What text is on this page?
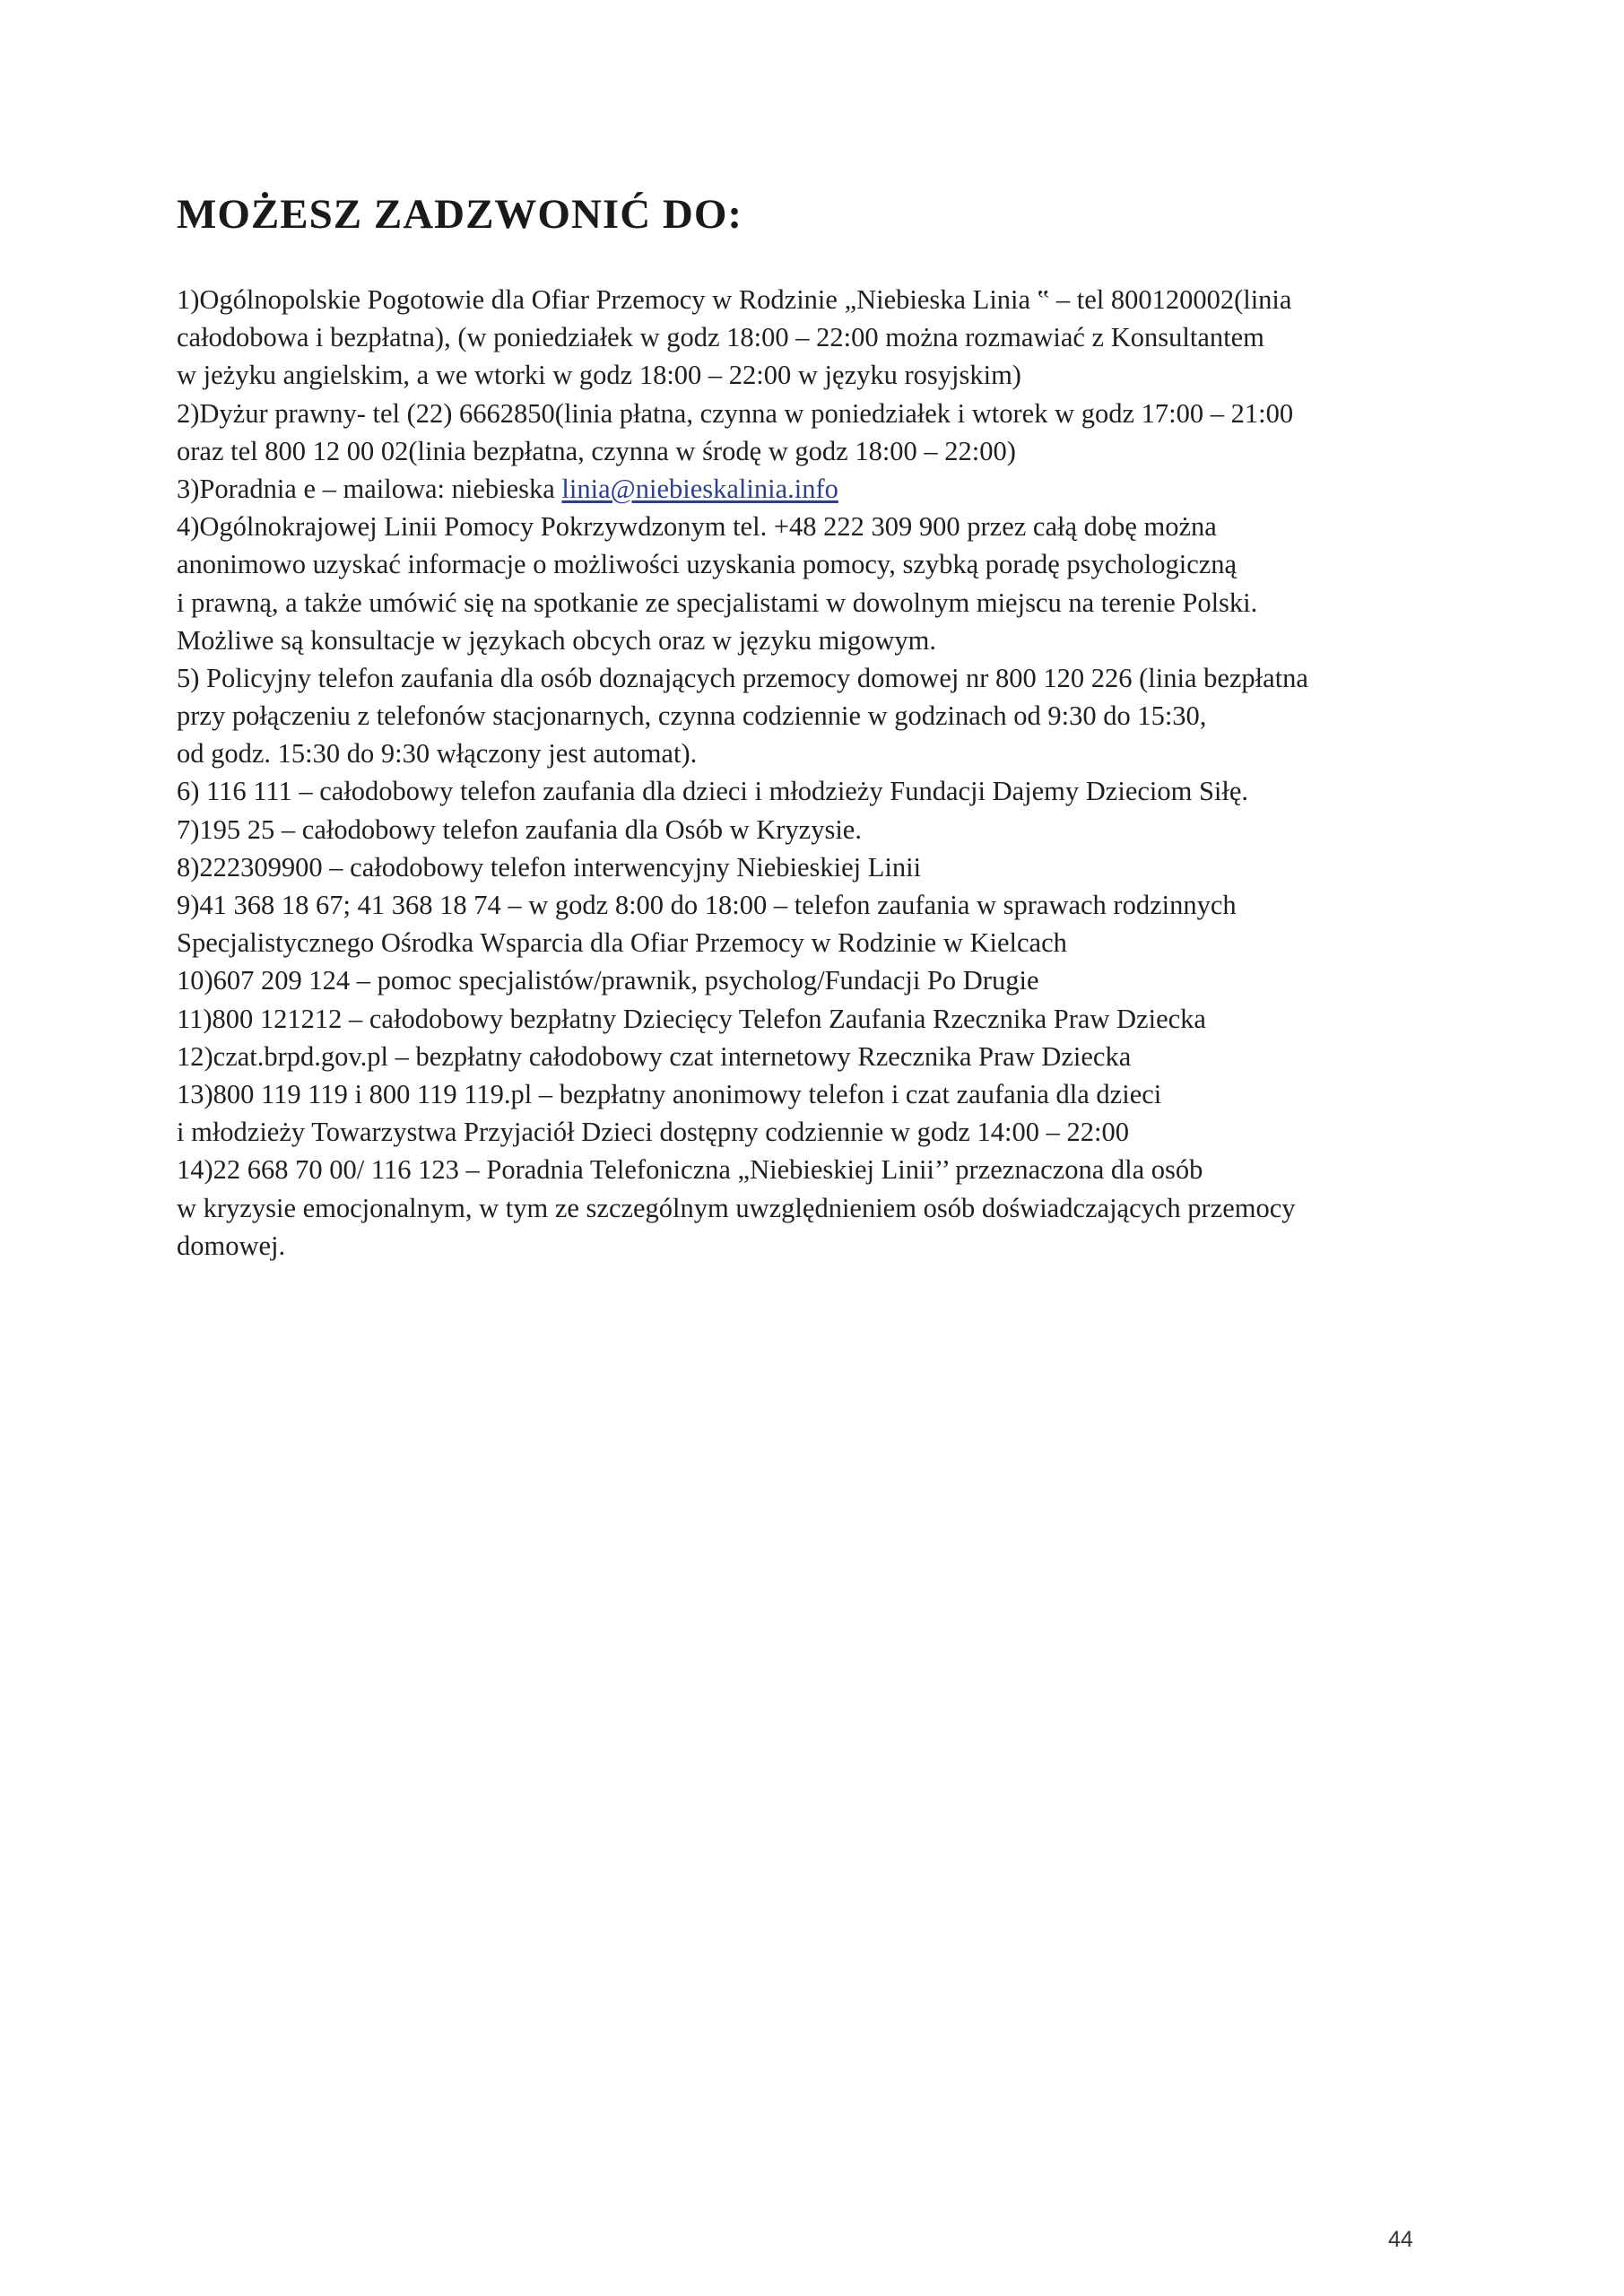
MOŻESZ ZADZWONIĆ DO:
1)Ogólnopolskie Pogotowie dla Ofiar Przemocy w Rodzinie „Niebieska Linia ‟ – tel 800120002(linia
całodobowa i bezpłatna), (w poniedziałek w godz 18:00 – 22:00 można rozmawiać z Konsultantem
w jeżyku angielskim, a we wtorki w godz 18:00 – 22:00 w języku rosyjskim)
2)Dyżur prawny- tel (22) 6662850(linia płatna, czynna w poniedziałek i wtorek w godz 17:00 – 21:00
oraz tel 800 12 00 02(linia bezpłatna, czynna w środę w godz 18:00 – 22:00)
3)Poradnia e – mailowa: niebieska linia@niebieskalinia.info
4)Ogólnokrajowej Linii Pomocy Pokrzywdzonym tel. +48 222 309 900 przez całą dobę można
anonimowo uzyskać informacje o możliwości uzyskania pomocy, szybką poradę psychologiczną
i prawną, a także umówić się na spotkanie ze specjalistami w dowolnym miejscu na terenie Polski.
Możliwe są konsultacje w językach obcych oraz w języku migowym.
5) Policyjny telefon zaufania dla osób doznających przemocy domowej nr 800 120 226 (linia bezpłatna
przy połączeniu z telefonów stacjonarnych, czynna codziennie w godzinach od 9:30 do 15:30,
od godz. 15:30 do 9:30 włączony jest automat).
6) 116 111 – całodobowy telefon zaufania dla dzieci i młodzieży Fundacji Dajemy Dzieciom Siłę.
7)195 25 – całodobowy telefon zaufania dla Osób w Kryzysie.
8)222309900 – całodobowy telefon interwencyjny Niebieskiej Linii
9)41 368 18 67; 41 368 18 74 – w godz 8:00 do 18:00 – telefon zaufania w sprawach rodzinnych
Specjalistycznego Ośrodka Wsparcia dla Ofiar Przemocy w Rodzinie w Kielcach
10)607 209 124 – pomoc specjalistów/prawnik, psycholog/Fundacji Po Drugie
11)800 121212 – całodobowy bezpłatny Dziecięcy Telefon Zaufania Rzecznika Praw Dziecka
12)czat.brpd.gov.pl – bezpłatny całodobowy czat internetowy Rzecznika Praw Dziecka
13)800 119 119 i 800 119 119.pl – bezpłatny anonimowy telefon i czat zaufania dla dzieci
i młodzieży Towarzystwa Przyjaciół Dzieci dostępny codziennie w godz 14:00 – 22:00
14)22 668 70 00/ 116 123 – Poradnia Telefoniczna „Niebieskiej Linii’’ przeznaczona dla osób
w kryzysie emocjonalnym, w tym ze szczególnym uwzględnieniem osób doświadczających przemocy
domowej.
44
